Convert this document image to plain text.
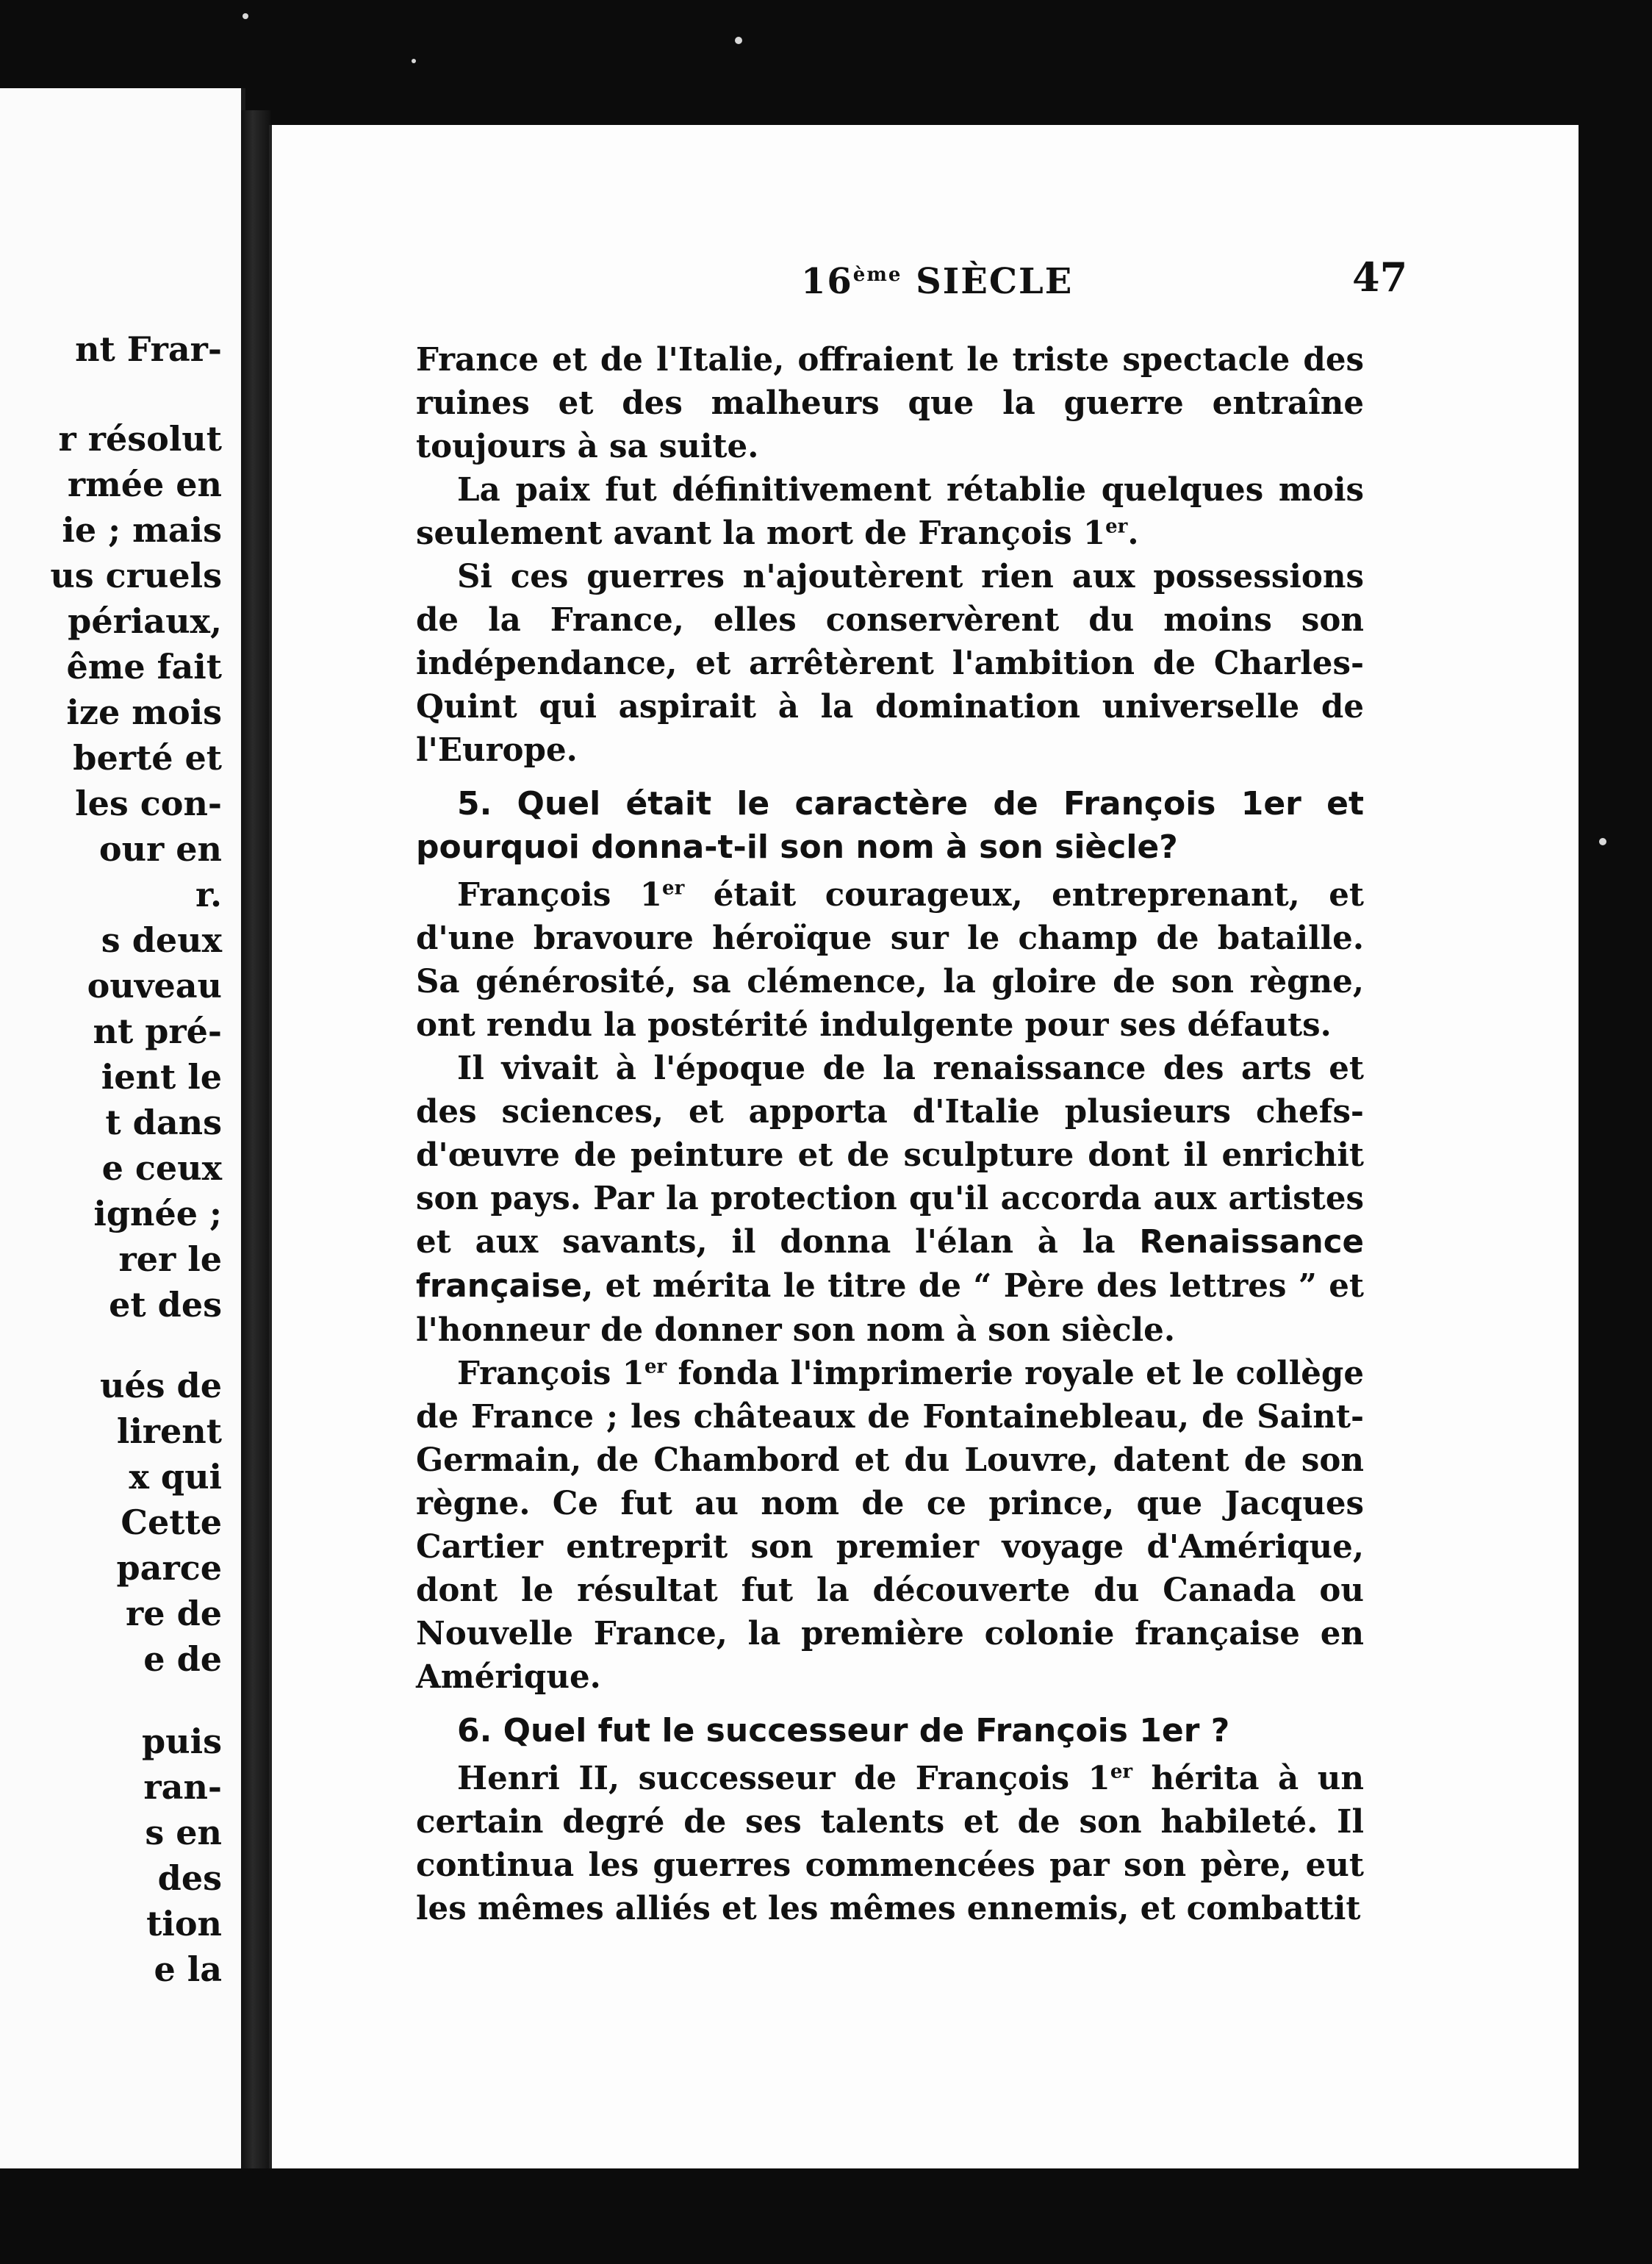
nt Frar-

r résolut

rmée en

ie ; mais

us cruels

périaux,

ême fait

ize mois

berté et

les con-

our en

r.

s deux

ouveau

nt pré-

ient le

t dans

e ceux

ignée ;

rer le

et des

ués de

lirent

x qui

Cette

parce

re de

e de

puis

ran-

s en

des

tion

e la

16ème SIÈCLE	47

France et de l'Italie, offraient le triste spectacle des ruines et des malheurs que la guerre entraîne toujours à sa suite.

La paix fut définitivement rétablie quelques mois seulement avant la mort de François 1er.

Si ces guerres n'ajoutèrent rien aux possessions de la France, elles conservèrent du moins son indépendance, et arrêtèrent l'ambition de Charles-Quint qui aspirait à la domination universelle de l'Europe.

5. Quel était le caractère de François 1er et pourquoi donna-t-il son nom à son siècle?

François 1er était courageux, entreprenant, et d'une bravoure héroïque sur le champ de bataille. Sa générosité, sa clémence, la gloire de son règne, ont rendu la postérité indulgente pour ses défauts.

Il vivait à l'époque de la renaissance des arts et des sciences, et apporta d'Italie plusieurs chefs-d'œuvre de peinture et de sculpture dont il enrichit son pays. Par la protection qu'il accorda aux artistes et aux savants, il donna l'élan à la Renaissance française, et mérita le titre de “ Père des lettres ” et l'honneur de donner son nom à son siècle.

François 1er fonda l'imprimerie royale et le collège de France ; les châteaux de Fontainebleau, de Saint-Germain, de Chambord et du Louvre, datent de son règne. Ce fut au nom de ce prince, que Jacques Cartier entreprit son premier voyage d'Amérique, dont le résultat fut la découverte du Canada ou Nouvelle France, la première colonie française en Amérique.

6. Quel fut le successeur de François 1er ?

Henri II, successeur de François 1er hérita à un certain degré de ses talents et de son habileté. Il continua les guerres commencées par son père, eut les mêmes alliés et les mêmes ennemis, et combattit
